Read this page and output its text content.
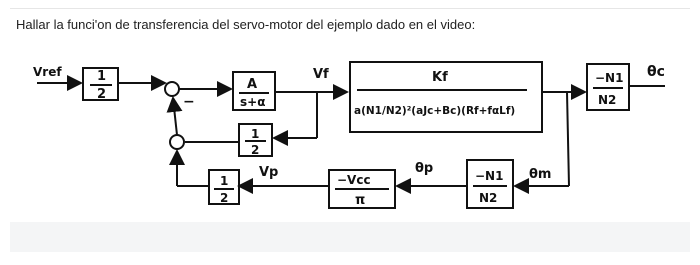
Hallar la funci'on de transferencia del servo-motor del ejemplo dado en el video:
Vref	1
2	−
A
s+α
Vf	Kf
a(N1/N2)²(aJc+Bc)(Rf+fαLf)
−N1
N2
θc
1
2
1
2
Vp	−Vcc
π
θp	−N1
N2
θm
